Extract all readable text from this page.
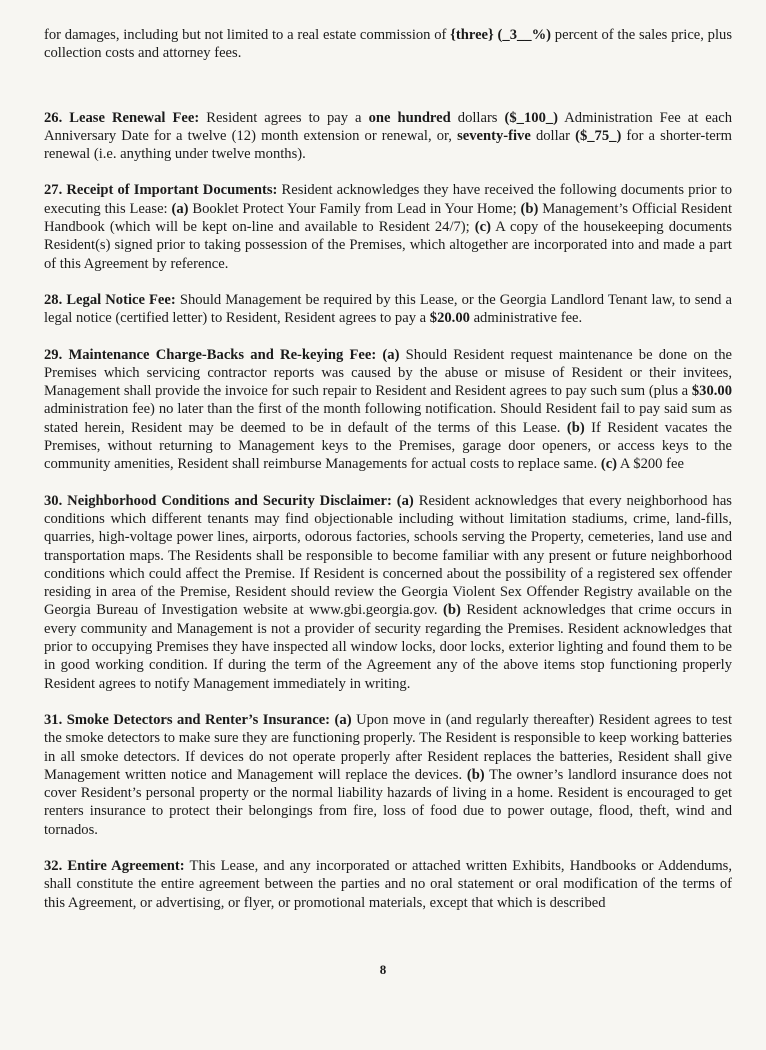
for damages, including but not limited to a real estate commission of {three} (_3__%) percent of the sales price, plus collection costs and attorney fees.

26. Lease Renewal Fee: Resident agrees to pay a one hundred dollars ($_100_) Administration Fee at each Anniversary Date for a twelve (12) month extension or renewal, or, seventy-five dollar ($_75_) for a shorter-term renewal (i.e. anything under twelve months).

27. Receipt of Important Documents: Resident acknowledges they have received the following documents prior to executing this Lease: (a) Booklet Protect Your Family from Lead in Your Home; (b) Management’s Official Resident Handbook (which will be kept on-line and available to Resident 24/7); (c) A copy of the housekeeping documents Resident(s) signed prior to taking possession of the Premises, which altogether are incorporated into and made a part of this Agreement by reference.

28. Legal Notice Fee: Should Management be required by this Lease, or the Georgia Landlord Tenant law, to send a legal notice (certified letter) to Resident, Resident agrees to pay a $20.00 administrative fee.

29. Maintenance Charge-Backs and Re-keying Fee: (a) Should Resident request maintenance be done on the Premises which servicing contractor reports was caused by the abuse or misuse of Resident or their invitees, Management shall provide the invoice for such repair to Resident and Resident agrees to pay such sum (plus a $30.00 administration fee) no later than the first of the month following notification. Should Resident fail to pay said sum as stated herein, Resident may be deemed to be in default of the terms of this Lease. (b) If Resident vacates the Premises, without returning to Management keys to the Premises, garage door openers, or access keys to the community amenities, Resident shall reimburse Managements for actual costs to replace same. (c) A $200 fee

30. Neighborhood Conditions and Security Disclaimer: (a) Resident acknowledges that every neighborhood has conditions which different tenants may find objectionable including without limitation stadiums, crime, land-fills, quarries, high-voltage power lines, airports, odorous factories, schools serving the Property, cemeteries, land use and transportation maps. The Residents shall be responsible to become familiar with any present or future neighborhood conditions which could affect the Premise. If Resident is concerned about the possibility of a registered sex offender residing in area of the Premise, Resident should review the Georgia Violent Sex Offender Registry available on the Georgia Bureau of Investigation website at www.gbi.georgia.gov. (b) Resident acknowledges that crime occurs in every community and Management is not a provider of security regarding the Premises. Resident acknowledges that prior to occupying Premises they have inspected all window locks, door locks, exterior lighting and found them to be in good working condition. If during the term of the Agreement any of the above items stop functioning properly Resident agrees to notify Management immediately in writing.

31. Smoke Detectors and Renter’s Insurance: (a) Upon move in (and regularly thereafter) Resident agrees to test the smoke detectors to make sure they are functioning properly. The Resident is responsible to keep working batteries in all smoke detectors. If devices do not operate properly after Resident replaces the batteries, Resident shall give Management written notice and Management will replace the devices. (b) The owner’s landlord insurance does not cover Resident’s personal property or the normal liability hazards of living in a home. Resident is encouraged to get renters insurance to protect their belongings from fire, loss of food due to power outage, flood, theft, wind and tornados.

32. Entire Agreement: This Lease, and any incorporated or attached written Exhibits, Handbooks or Addendums, shall constitute the entire agreement between the parties and no oral statement or oral modification of the terms of this Agreement, or advertising, or flyer, or promotional materials, except that which is described

8
